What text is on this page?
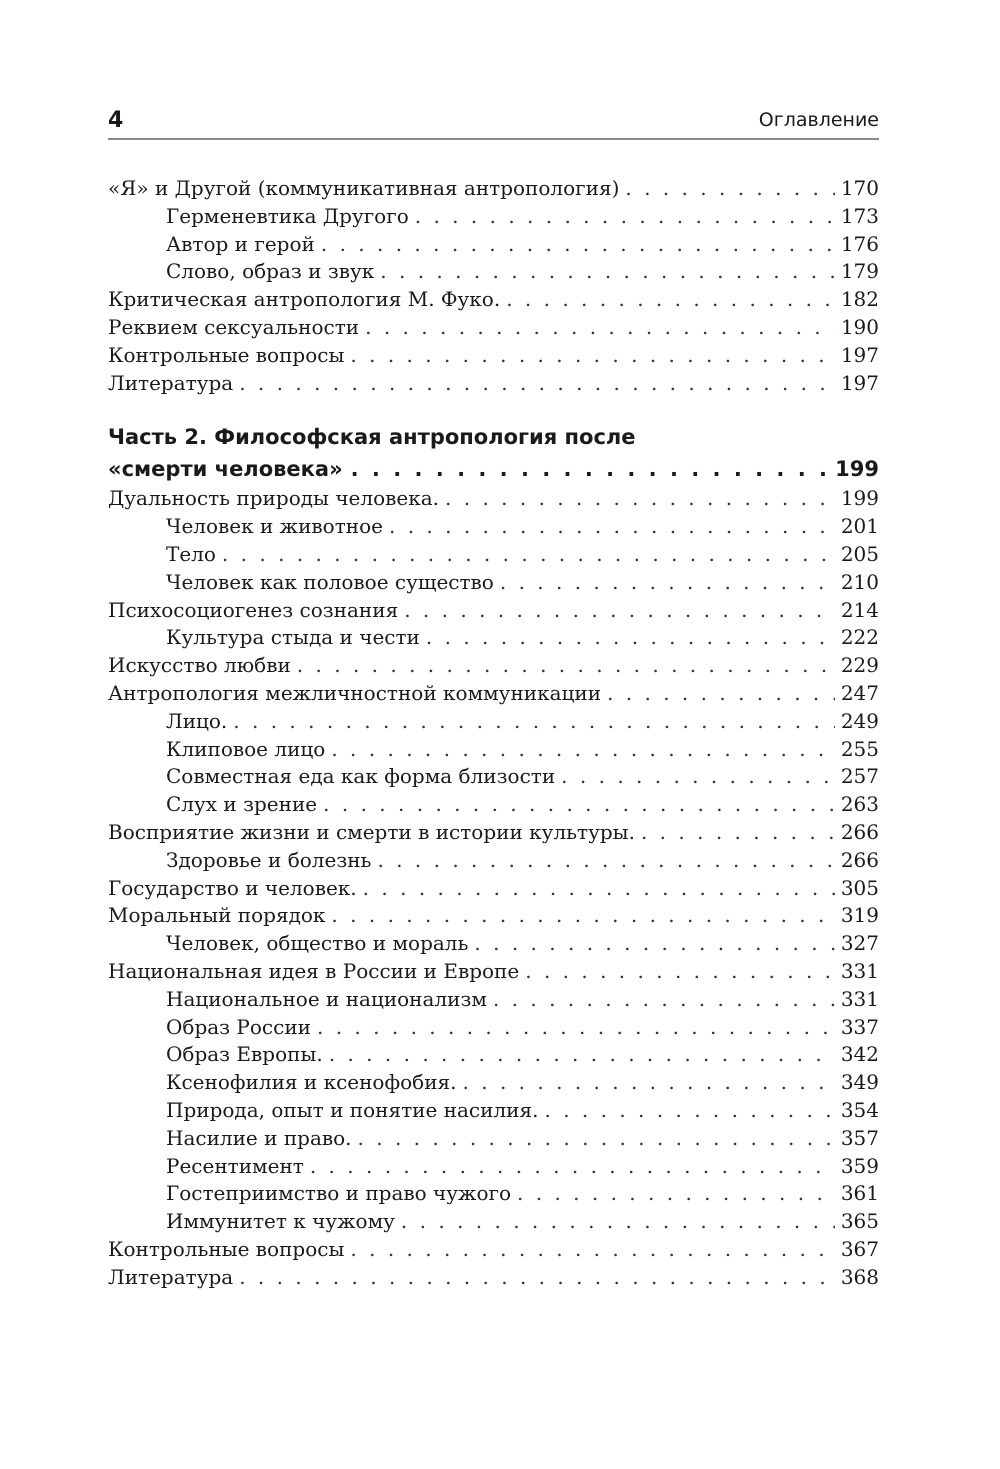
4	Оглавление
«Я» и Другой (коммуникативная антропология) . . .	170
Герменевтика Другого . . .	173
Автор и герой . . .	176
Слово, образ и звук . . .	179
Критическая антропология М. Фуко. . . .	182
Реквием сексуальности . . .	190
Контрольные вопросы . . .	197
Литература . . .	197
Часть 2. Философская антропология после
«смерти человека» . . .	199
Дуальность природы человека. . . .	199
Человек и животное . . .	201
Тело . . .	205
Человек как половое существо . . .	210
Психосоциогенез сознания . . .	214
Культура стыда и чести . . .	222
Искусство любви . . .	229
Антропология межличностной коммуникации . . .	247
Лицо. . . .	249
Клиповое лицо . . .	255
Совместная еда как форма близости . . .	257
Слух и зрение . . .	263
Восприятие жизни и смерти в истории культуры. . . .	266
Здоровье и болезнь . . .	266
Государство и человек. . . .	305
Моральный порядок . . .	319
Человек, общество и мораль . . .	327
Национальная идея в России и Европе . . .	331
Национальное и национализм . . .	331
Образ России . . .	337
Образ Европы. . . .	342
Ксенофилия и ксенофобия. . . .	349
Природа, опыт и понятие насилия. . . .	354
Насилие и право. . . .	357
Ресентимент . . .	359
Гостеприимство и право чужого . . .	361
Иммунитет к чужому . . .	365
Контрольные вопросы . . .	367
Литература . . .	368
